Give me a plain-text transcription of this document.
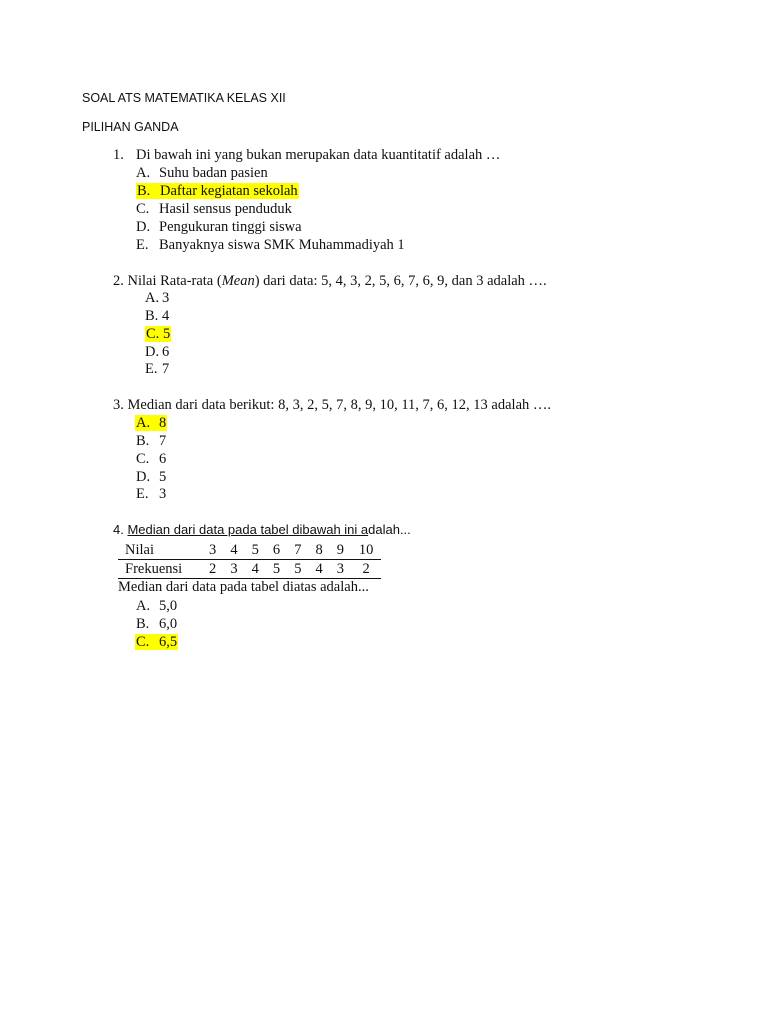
SOAL ATS MATEMATIKA KELAS XII
PILIHAN GANDA
1. Di bawah ini yang bukan merupakan data kuantitatif adalah …
A. Suhu badan pasien
B. Daftar kegiatan sekolah
C. Hasil sensus penduduk
D. Pengukuran tinggi siswa
E. Banyaknya siswa SMK Muhammadiyah 1
2. Nilai Rata-rata (Mean) dari data: 5, 4, 3, 2, 5, 6, 7, 6, 9, dan 3 adalah ….
A. 3
B. 4
C. 5
D. 6
E. 7
3. Median dari data berikut: 8, 3, 2, 5, 7, 8, 9, 10, 11, 7, 6, 12, 13 adalah ….
A. 8
B. 7
C. 6
D. 5
E. 3
4. Median dari data pada tabel dibawah ini adalah...
Nilai	3	4	5	6	7	8	9	10
Frekuensi	2	3	4	5	5	4	3	2
Median dari data pada tabel diatas adalah...
A. 5,0
B. 6,0
C. 6,5
